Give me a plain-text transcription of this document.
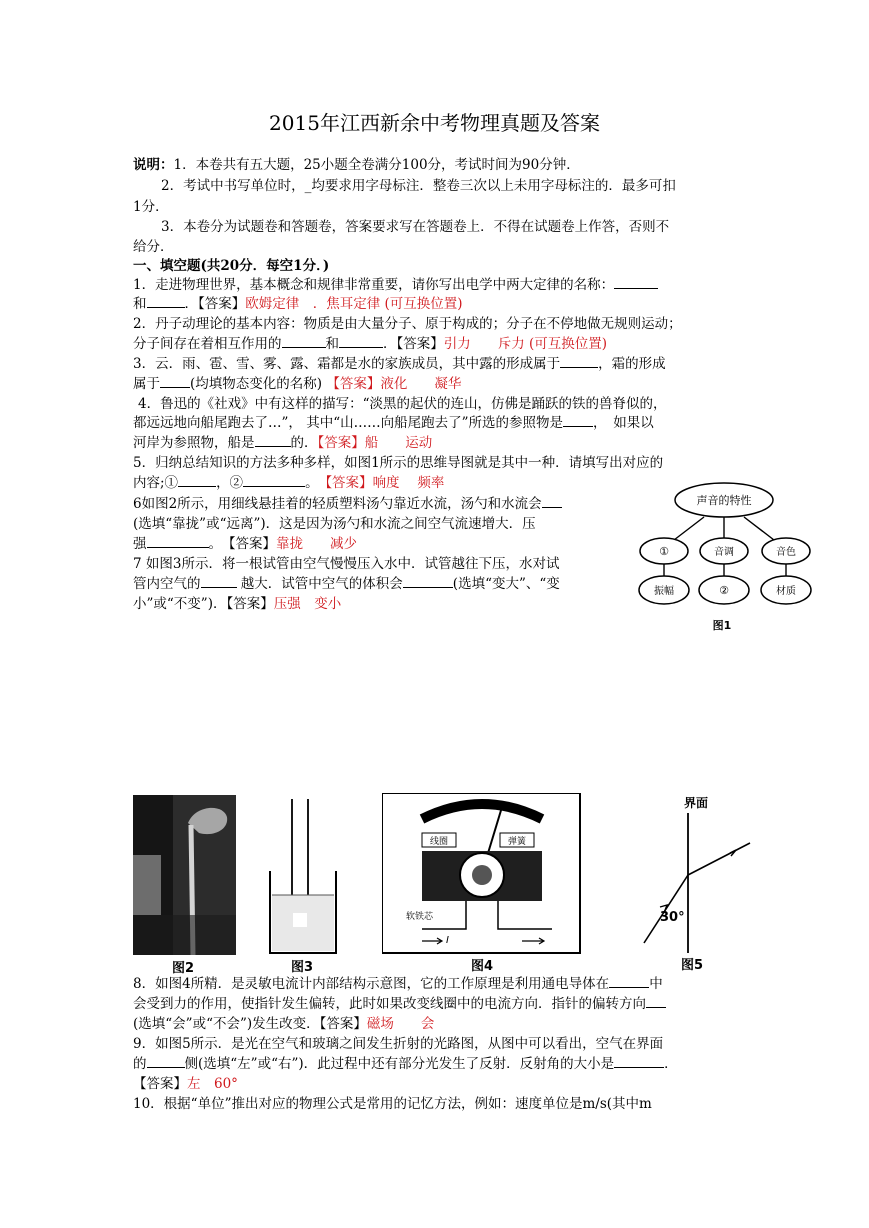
2015年江西新余中考物理真题及答案
说明：1．本卷共有五大题，25小题全卷满分100分，考试时间为90分钟．
2．考试中书写单位时，_均要求用字母标注．整卷三次以上未用字母标注的．最多可扣
1分．
3．本卷分为试题卷和答题卷，答案要求写在答题卷上．不得在试题卷上作答，否则不
给分．
一、填空题(共20分．每空1分．)
1．走进物理世界，基本概念和规律非常重要，请你写出电学中两大定律的名称：
和	．【答案】欧姆定律　．焦耳定律 (可互换位置)
2．丹子动理论的基本内容：物质是由大量分子、原于构成的；分子在不停地做无规则运动；
分子间存在着相互作用的	和	．【答案】引力　　斥力 (可互换位置)
3．云．雨、雹、雪、雾、露、霜都是水的家族成员，其中露的形成属于	，霜的形成
属于 (均填物态变化的名称) 【答案】液化　　凝华
4．鲁迅的《社戏》中有这样的描写：“淡黑的起伏的连山，仿佛是踊跃的铁的兽脊似的，
都远远地向船尾跑去了…”， 其中“山……向船尾跑去了”所选的参照物是 ，　如果以
河岸为参照物，船是	的．【答案】船　　运动
5．归纳总结知识的方法多种多样，如图1所示的思维导图就是其中一种．请填写出对应的
内容;①	，②	。　 【答案】响度　 频率
6如图2所示，用细线悬挂着的轻质塑料汤勺靠近水流，汤勺和水流会
(选填“靠拢”或“远离”)．这是因为汤勺和水流之间空气流速增大．压
强	。　【答案】靠拢　　减少
7 如图3所示．将一根试管由空气慢慢压入水中．试管越往下压，水对试
管内空气的	越大．试管中空气的体积会	(选填“变大”、“变
小”或“不变”)．【答案】压强　变小
声音的特性
①	音调	音色
振幅	②	材质
图1
图2	图3
线圈	弹簧
软铁芯
I
图4
界面
30°
图5
8．如图4所精．是灵敏电流计内部结构示意图，它的工作原理是利用通电导体在	中
会受到力的作用，使指针发生偏转，此时如果改变线圈中的电流方向．指针的偏转方向
(选填“会”或“不会”)发生改变．【答案】磁场　　会
9．如图5所示．是光在空气和玻璃之间发生折射的光路图，从图中可以看出，空气在界面
的	侧(选填“左”或“右”)．此过程中还有部分光发生了反射．反射角的大小是	．
【答案】左　60°
10．根据“单位”推出对应的物理公式是常用的记忆方法，例如：速度单位是m/s(其中m
